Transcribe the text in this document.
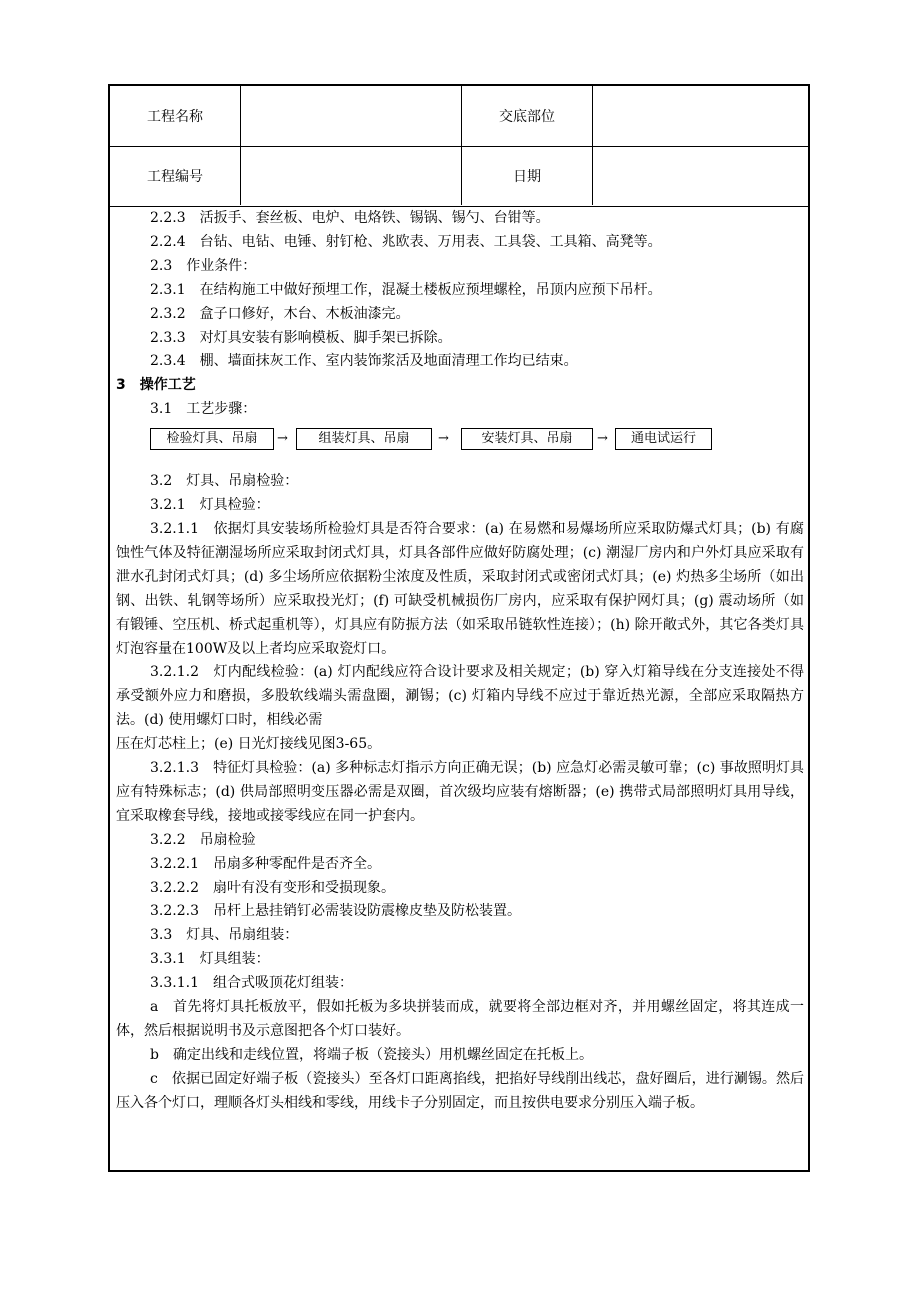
工程名称	交底部位
工程编号	日期
2.2.3　活扳手、套丝板、电炉、电烙铁、锡锅、锡勺、台钳等。
2.2.4　台钻、电钻、电锤、射钉枪、兆欧表、万用表、工具袋、工具箱、高凳等。
2.3　作业条件：
2.3.1　在结构施工中做好预埋工作，混凝土楼板应预埋螺栓，吊顶内应预下吊杆。
2.3.2　盒子口修好，木台、木板油漆完。
2.3.3　对灯具安装有影响模板、脚手架已拆除。
2.3.4　棚、墙面抹灰工作、室内装饰浆活及地面清理工作均已结束。
3　操作工艺
3.1　工艺步骤：
检验灯具、吊扇	→	组装灯具、吊扇	→	安装灯具、吊扇	→	通电试运行
3.2　灯具、吊扇检验：
3.2.1　灯具检验：

3.2.1.1　依据灯具安装场所检验灯具是否符合要求：(a) 在易燃和易爆场所应采取防爆式灯具；(b) 有腐蚀性气体及特征潮湿场所应采取封闭式灯具，灯具各部件应做好防腐处理；(c) 潮湿厂房内和户外灯具应采取有泄水孔封闭式灯具；(d) 多尘场所应依据粉尘浓度及性质，采取封闭式或密闭式灯具；(e) 灼热多尘场所（如出钢、出铁、轧钢等场所）应采取投光灯；(f) 可缺受机械损伤厂房内，应采取有保护网灯具；(g) 震动场所（如有锻锤、空压机、桥式起重机等），灯具应有防振方法（如采取吊链软性连接）；(h) 除开敞式外，其它各类灯具灯泡容量在100W及以上者均应采取瓷灯口。

3.2.1.2　灯内配线检验：(a) 灯内配线应符合设计要求及相关规定；(b) 穿入灯箱导线在分支连接处不得承受额外应力和磨损，多股软线端头需盘圈，涮锡；(c) 灯箱内导线不应过于靠近热光源，全部应采取隔热方法。(d) 使用螺灯口时，相线必需

压在灯芯柱上；(e) 日光灯接线见图3-65。

3.2.1.3　特征灯具检验：(a) 多种标志灯指示方向正确无误；(b) 应急灯必需灵敏可靠；(c) 事故照明灯具应有特殊标志；(d) 供局部照明变压器必需是双圈，首次级均应装有熔断器；(e) 携带式局部照明灯具用导线，宜采取橡套导线，接地或接零线应在同一护套内。

3.2.2　吊扇检验
3.2.2.1　吊扇多种零配件是否齐全。
3.2.2.2　扇叶有没有变形和受损现象。
3.2.2.3　吊杆上悬挂销钉必需装设防震橡皮垫及防松装置。
3.3　灯具、吊扇组装：
3.3.1　灯具组装：
3.3.1.1　组合式吸顶花灯组装：

a　首先将灯具托板放平，假如托板为多块拼装而成，就要将全部边框对齐，并用螺丝固定，将其连成一体，然后根据说明书及示意图把各个灯口装好。

b　确定出线和走线位置，将端子板（瓷接头）用机螺丝固定在托板上。

c　依据已固定好端子板（瓷接头）至各灯口距离掐线，把掐好导线削出线芯，盘好圈后，进行涮锡。然后压入各个灯口，理顺各灯头相线和零线，用线卡子分别固定，而且按供电要求分别压入端子板。
